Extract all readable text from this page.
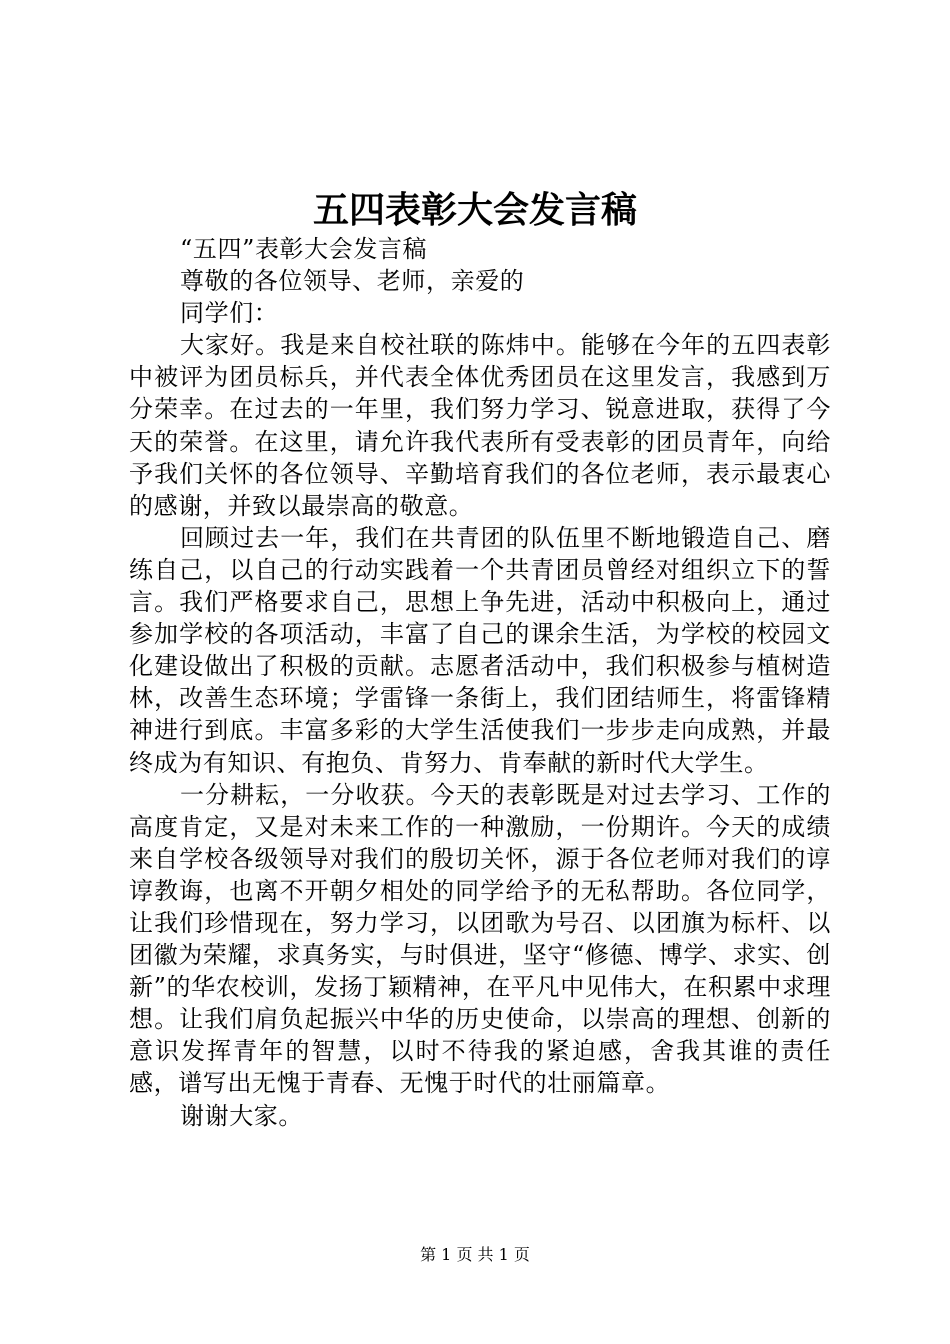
五四表彰大会发言稿

“五四”表彰大会发言稿

尊敬的各位领导、老师，亲爱的

同学们：

大家好。我是来自校社联的陈炜中。能够在今年的五四表彰中被评为团员标兵，并代表全体优秀团员在这里发言，我感到万分荣幸。在过去的一年里，我们努力学习、锐意进取，获得了今天的荣誉。在这里，请允许我代表所有受表彰的团员青年，向给予我们关怀的各位领导、辛勤培育我们的各位老师，表示最衷心的感谢，并致以最崇高的敬意。

回顾过去一年，我们在共青团的队伍里不断地锻造自己、磨练自己，以自己的行动实践着一个共青团员曾经对组织立下的誓言。我们严格要求自己，思想上争先进，活动中积极向上，通过参加学校的各项活动，丰富了自己的课余生活，为学校的校园文化建设做出了积极的贡献。志愿者活动中，我们积极参与植树造林，改善生态环境；学雷锋一条街上，我们团结师生，将雷锋精神进行到底。丰富多彩的大学生活使我们一步步走向成熟，并最终成为有知识、有抱负、肯努力、肯奉献的新时代大学生。

一分耕耘，一分收获。今天的表彰既是对过去学习、工作的高度肯定，又是对未来工作的一种激励，一份期许。今天的成绩来自学校各级领导对我们的殷切关怀，源于各位老师对我们的谆谆教诲，也离不开朝夕相处的同学给予的无私帮助。各位同学，让我们珍惜现在，努力学习，以团歌为号召、以团旗为标杆、以团徽为荣耀，求真务实，与时俱进，坚守“修德、博学、求实、创新”的华农校训，发扬丁颖精神，在平凡中见伟大，在积累中求理想。让我们肩负起振兴中华的历史使命，以崇高的理想、创新的意识发挥青年的智慧，以时不待我的紧迫感，舍我其谁的责任感，谱写出无愧于青春、无愧于时代的壮丽篇章。

谢谢大家。

第 1 页 共 1 页
